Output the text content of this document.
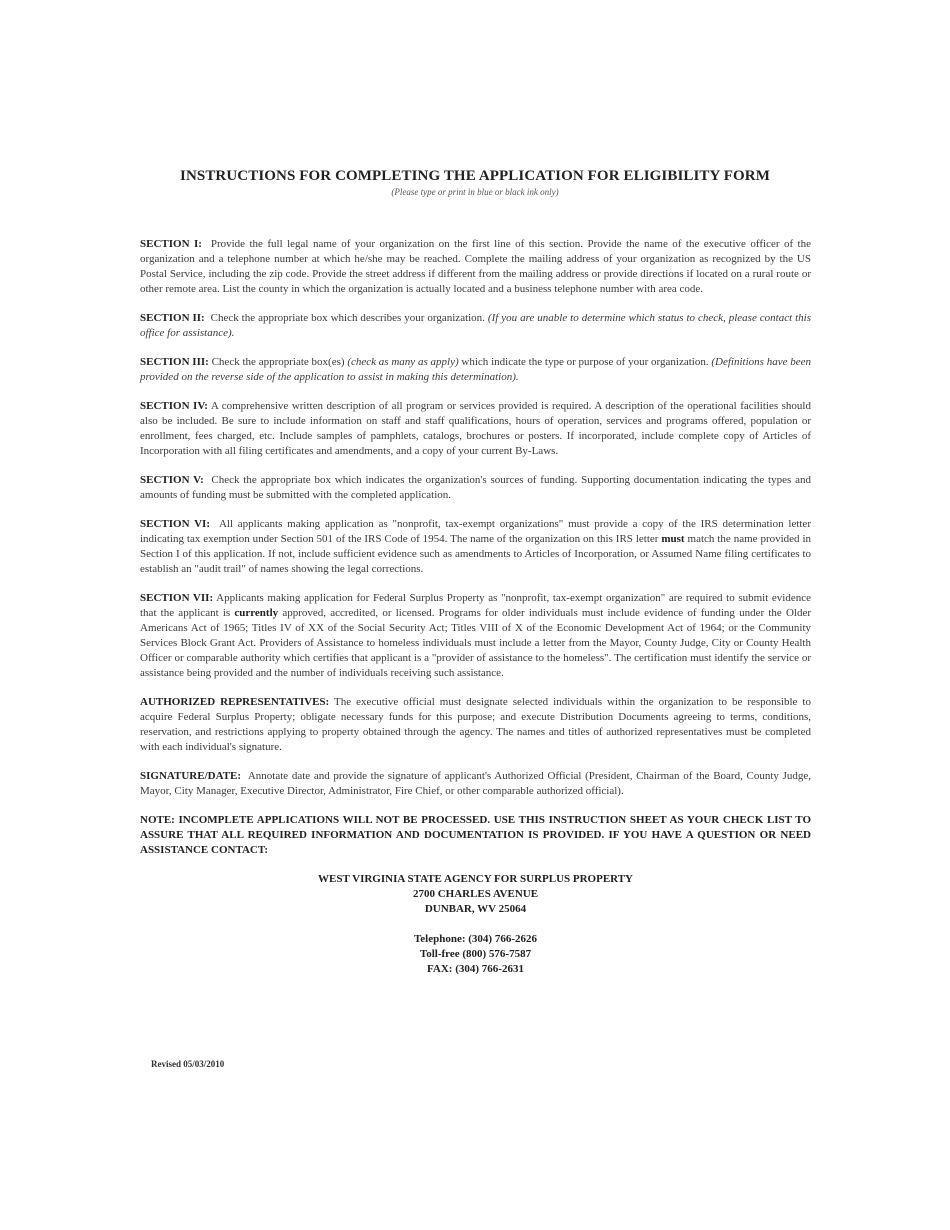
INSTRUCTIONS FOR COMPLETING THE APPLICATION FOR ELIGIBILITY FORM
(Please type or print in blue or black ink only)

SECTION I: Provide the full legal name of your organization on the first line of this section. Provide the name of the executive officer of the organization and a telephone number at which he/she may be reached. Complete the mailing address of your organization as recognized by the US Postal Service, including the zip code. Provide the street address if different from the mailing address or provide directions if located on a rural route or other remote area. List the county in which the organization is actually located and a business telephone number with area code.

SECTION II: Check the appropriate box which describes your organization. (If you are unable to determine which status to check, please contact this office for assistance).

SECTION III: Check the appropriate box(es) (check as many as apply) which indicate the type or purpose of your organization. (Definitions have been provided on the reverse side of the application to assist in making this determination).

SECTION IV: A comprehensive written description of all program or services provided is required. A description of the operational facilities should also be included. Be sure to include information on staff and staff qualifications, hours of operation, services and programs offered, population or enrollment, fees charged, etc. Include samples of pamphlets, catalogs, brochures or posters. If incorporated, include complete copy of Articles of Incorporation with all filing certificates and amendments, and a copy of your current By-Laws.

SECTION V: Check the appropriate box which indicates the organization's sources of funding. Supporting documentation indicating the types and amounts of funding must be submitted with the completed application.

SECTION VI: All applicants making application as "nonprofit, tax-exempt organizations" must provide a copy of the IRS determination letter indicating tax exemption under Section 501 of the IRS Code of 1954. The name of the organization on this IRS letter must match the name provided in Section I of this application. If not, include sufficient evidence such as amendments to Articles of Incorporation, or Assumed Name filing certificates to establish an "audit trail" of names showing the legal corrections.

SECTION VII: Applicants making application for Federal Surplus Property as "nonprofit, tax-exempt organization" are required to submit evidence that the applicant is currently approved, accredited, or licensed. Programs for older individuals must include evidence of funding under the Older Americans Act of 1965; Titles IV of XX of the Social Security Act; Titles VIII of X of the Economic Development Act of 1964; or the Community Services Block Grant Act. Providers of Assistance to homeless individuals must include a letter from the Mayor, County Judge, City or County Health Officer or comparable authority which certifies that applicant is a "provider of assistance to the homeless". The certification must identify the service or assistance being provided and the number of individuals receiving such assistance.

AUTHORIZED REPRESENTATIVES: The executive official must designate selected individuals within the organization to be responsible to acquire Federal Surplus Property; obligate necessary funds for this purpose; and execute Distribution Documents agreeing to terms, conditions, reservation, and restrictions applying to property obtained through the agency. The names and titles of authorized representatives must be completed with each individual's signature.

SIGNATURE/DATE: Annotate date and provide the signature of applicant's Authorized Official (President, Chairman of the Board, County Judge, Mayor, City Manager, Executive Director, Administrator, Fire Chief, or other comparable authorized official).

NOTE: INCOMPLETE APPLICATIONS WILL NOT BE PROCESSED. USE THIS INSTRUCTION SHEET AS YOUR CHECK LIST TO ASSURE THAT ALL REQUIRED INFORMATION AND DOCUMENTATION IS PROVIDED. IF YOU HAVE A QUESTION OR NEED ASSISTANCE CONTACT:

WEST VIRGINIA STATE AGENCY FOR SURPLUS PROPERTY
2700 CHARLES AVENUE
DUNBAR, WV 25064
Telephone: (304) 766-2626
Toll-free (800) 576-7587
FAX: (304) 766-2631
Revised 05/03/2010
